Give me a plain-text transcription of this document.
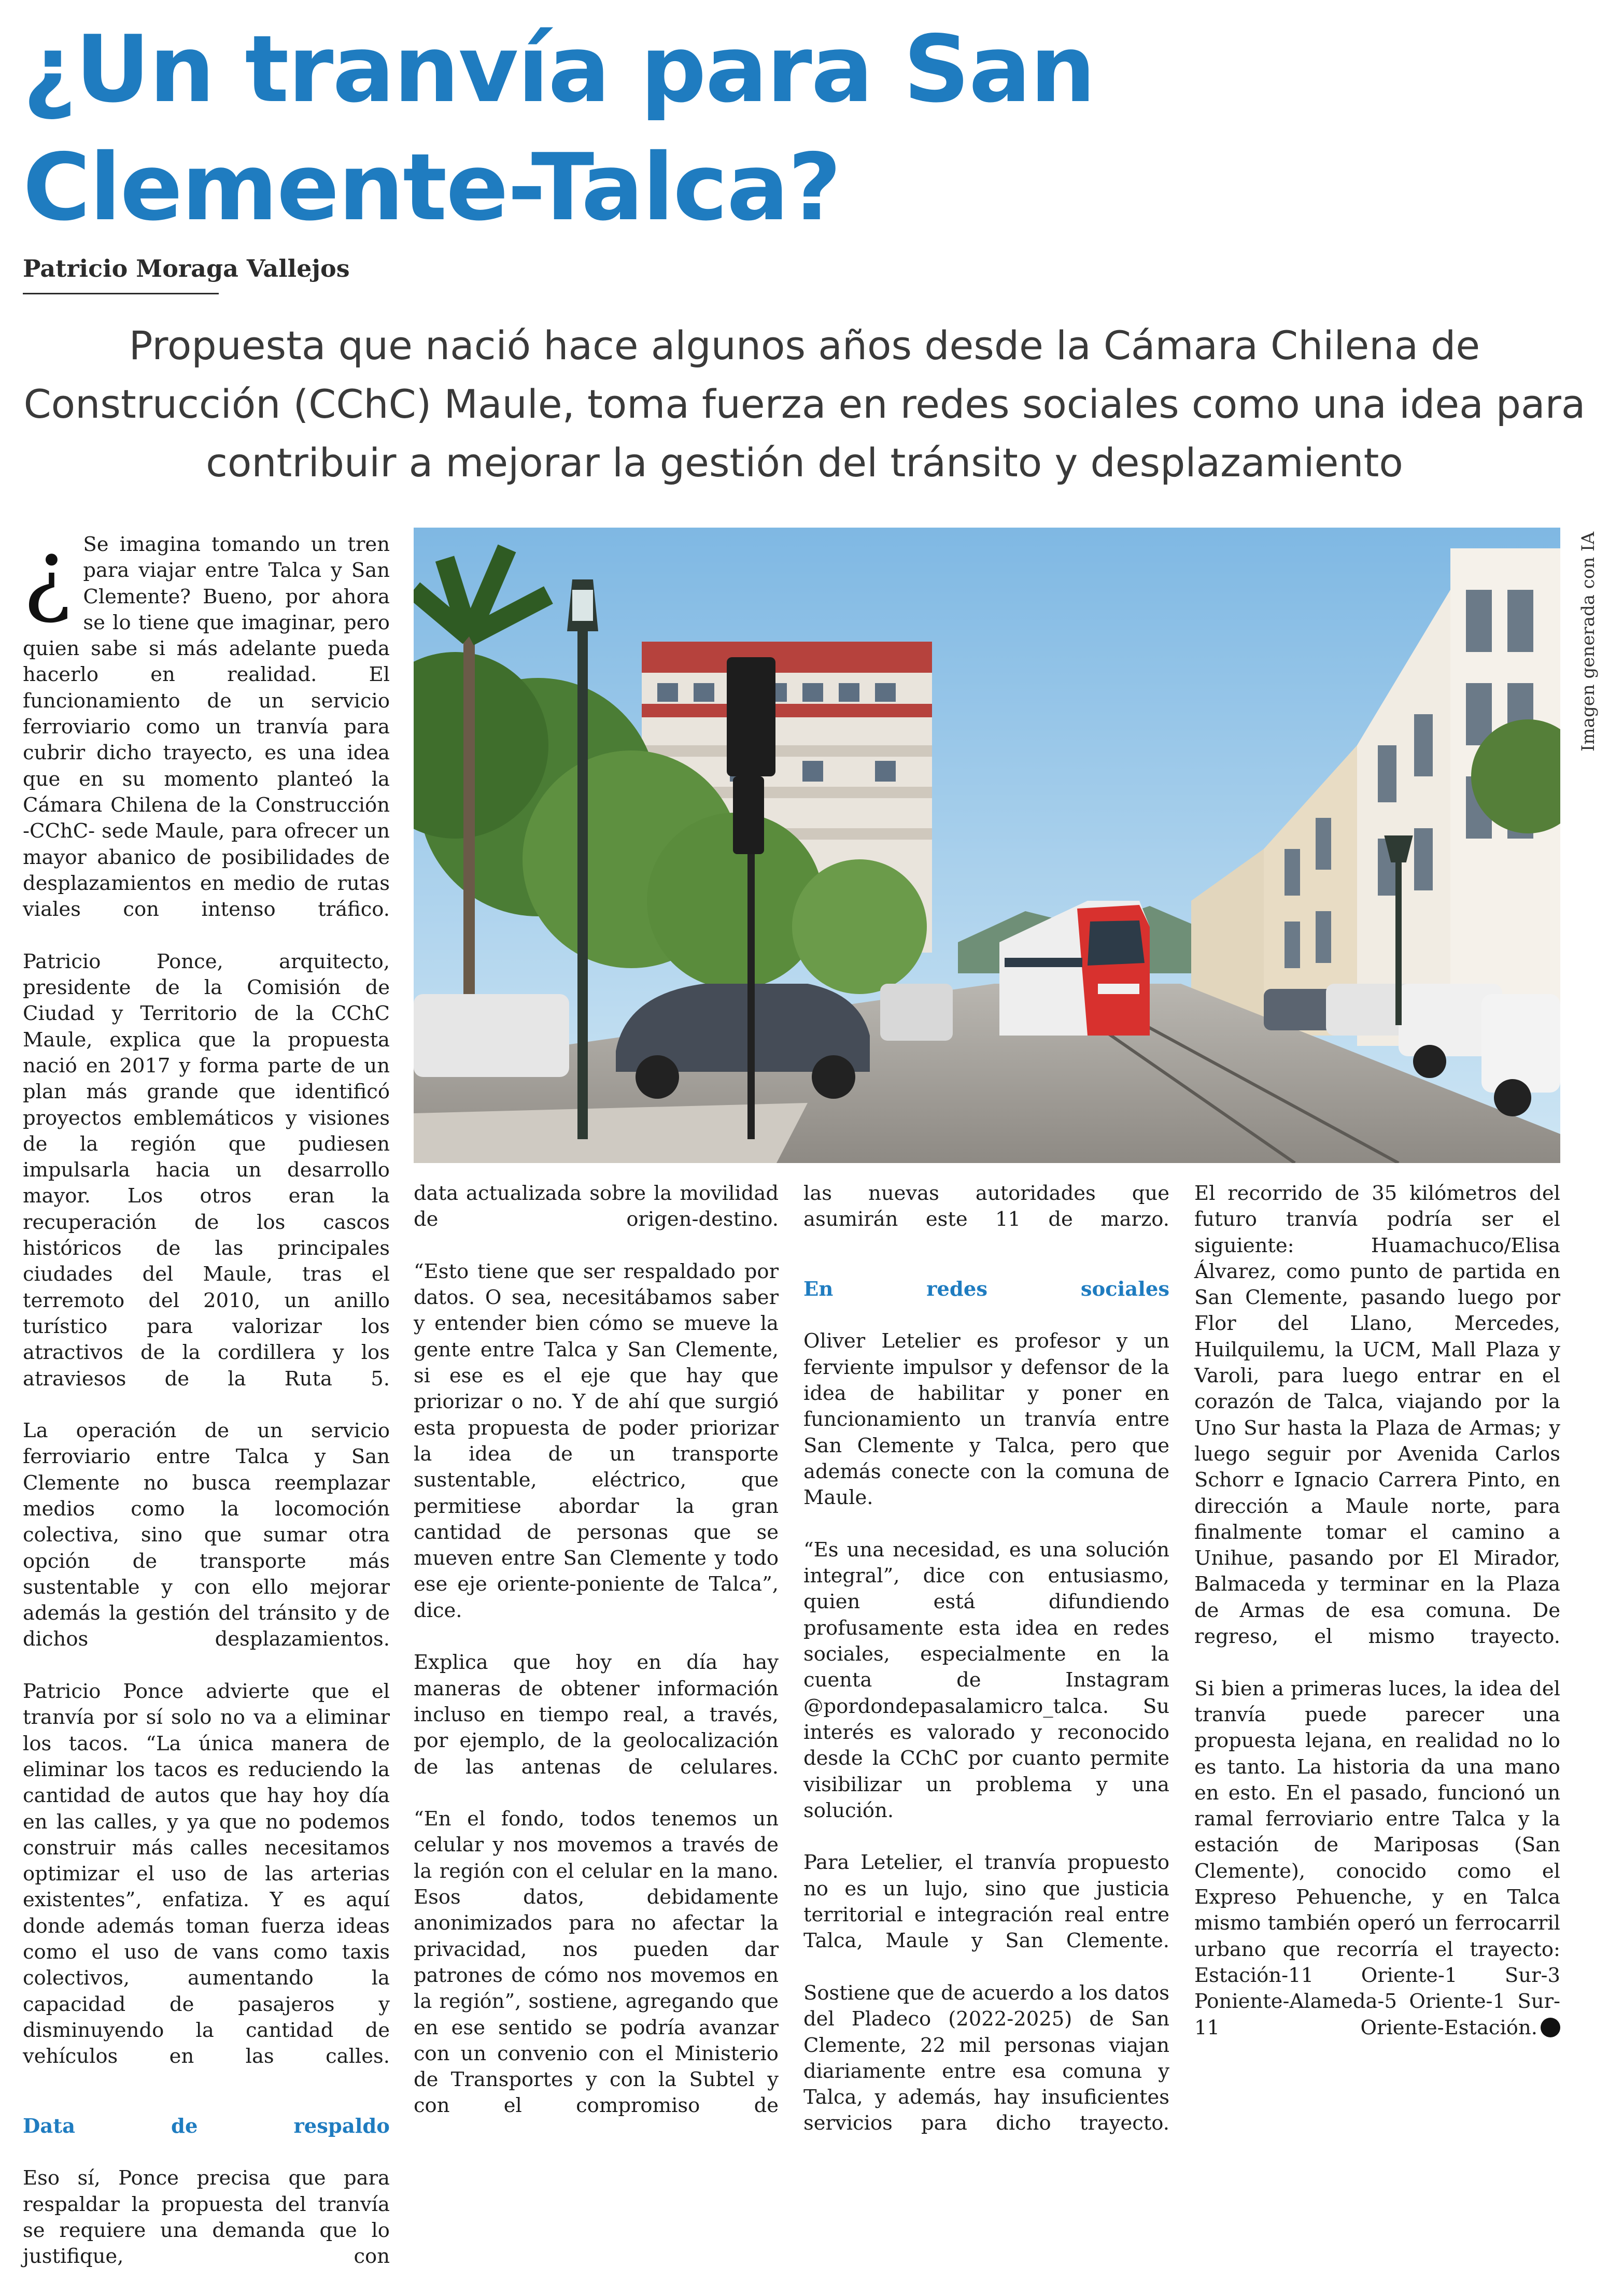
¿Un tranvía para San
Clemente-Talca?
Patricio Moraga Vallejos

Propuesta que nació hace algunos años desde la Cámara Chilena de Construcción (CChC) Maule, toma fuerza en redes sociales como una idea para contribuir a mejorar la gestión del tránsito y desplazamiento

Imagen generada con IA
¿ Se imagina tomando un tren para viajar entre Talca y San Clemente? Bueno, por ahora se lo tiene que imaginar, pero quien sabe si más adelante pueda hacerlo en realidad. El funcionamiento de un servicio ferroviario como un tranvía para cubrir dicho trayecto, es una idea que en su momento planteó la Cámara Chilena de la Construcción -CChC- sede Maule, para ofrecer un mayor abanico de posibilidades de desplazamientos en medio de rutas viales con intenso tráfico.

Patricio Ponce, arquitecto, presidente de la Comisión de Ciudad y Territorio de la CChC Maule, explica que la propuesta nació en 2017 y forma parte de un plan más grande que identificó proyectos emblemáticos y visiones de la región que pudiesen impulsarla hacia un desarrollo mayor. Los otros eran la recuperación de los cascos históricos de las principales ciudades del Maule, tras el terremoto del 2010, un anillo turístico para valorizar los atractivos de la cordillera y los atraviesos de la Ruta 5.

La operación de un servicio ferroviario entre Talca y San Clemente no busca reemplazar medios como la locomoción colectiva, sino que sumar otra opción de transporte más sustentable y con ello mejorar además la gestión del tránsito y de dichos desplazamientos.

Patricio Ponce advierte que el tranvía por sí solo no va a eliminar los tacos. “La única manera de eliminar los tacos es reduciendo la cantidad de autos que hay hoy día en las calles, y ya que no podemos construir más calles necesitamos optimizar el uso de las arterias existentes”, enfatiza. Y es aquí donde además toman fuerza ideas como el uso de vans como taxis colectivos, aumentando la capacidad de pasajeros y disminuyendo la cantidad de vehículos en las calles.

Data de respaldo

Eso sí, Ponce precisa que para respaldar la propuesta del tranvía se requiere una demanda que lo justifique, con

data actualizada sobre la movilidad de origen-destino.

“Esto tiene que ser respaldado por datos. O sea, necesitábamos saber y entender bien cómo se mueve la gente entre Talca y San Clemente, si ese es el eje que hay que priorizar o no. Y de ahí que surgió esta propuesta de poder priorizar la idea de un transporte sustentable, eléctrico, que permitiese abordar la gran cantidad de personas que se mueven entre San Clemente y todo ese eje oriente-poniente de Talca”, dice.

Explica que hoy en día hay maneras de obtener información incluso en tiempo real, a través, por ejemplo, de la geolocalización de las antenas de celulares.

“En el fondo, todos tenemos un celular y nos movemos a través de la región con el celular en la mano. Esos datos, debidamente anonimizados para no afectar la privacidad, nos pueden dar patrones de cómo nos movemos en la región”, sostiene, agregando que en ese sentido se podría avanzar con un convenio con el Ministerio de Transportes y con la Subtel y con el compromiso de

las nuevas autoridades que asumirán este 11 de marzo.

En redes sociales

Oliver Letelier es profesor y un ferviente impulsor y defensor de la idea de habilitar y poner en funcionamiento un tranvía entre San Clemente y Talca, pero que además conecte con la comuna de Maule.

“Es una necesidad, es una solución integral”, dice con entusiasmo, quien está difundiendo profusamente esta idea en redes sociales, especialmente en la cuenta de Instagram @pordondepasalamicro_talca. Su interés es valorado y reconocido desde la CChC por cuanto permite visibilizar un problema y una solución.

Para Letelier, el tranvía propuesto no es un lujo, sino que justicia territorial e integración real entre Talca, Maule y San Clemente.

Sostiene que de acuerdo a los datos del Pladeco (2022-2025) de San Clemente, 22 mil personas viajan diariamente entre esa comuna y Talca, y además, hay insuficientes servicios para dicho trayecto.

El recorrido de 35 kilómetros del futuro tranvía podría ser el siguiente: Huamachuco/Elisa Álvarez, como punto de partida en San Clemente, pasando luego por Flor del Llano, Mercedes, Huilquilemu, la UCM, Mall Plaza y Varoli, para luego entrar en el corazón de Talca, viajando por la Uno Sur hasta la Plaza de Armas; y luego seguir por Avenida Carlos Schorr e Ignacio Carrera Pinto, en dirección a Maule norte, para finalmente tomar el camino a Unihue, pasando por El Mirador, Balmaceda y terminar en la Plaza de Armas de esa comuna. De regreso, el mismo trayecto.

Si bien a primeras luces, la idea del tranvía puede parecer una propuesta lejana, en realidad no lo es tanto. La historia da una mano en esto. En el pasado, funcionó un ramal ferroviario entre Talca y la estación de Mariposas (San Clemente), conocido como el Expreso Pehuenche, y en Talca mismo también operó un ferrocarril urbano que recorría el trayecto: Estación-11 Oriente-1 Sur-3 Poniente-Alameda-5 Oriente-1 Sur-11 Oriente-Estación.
